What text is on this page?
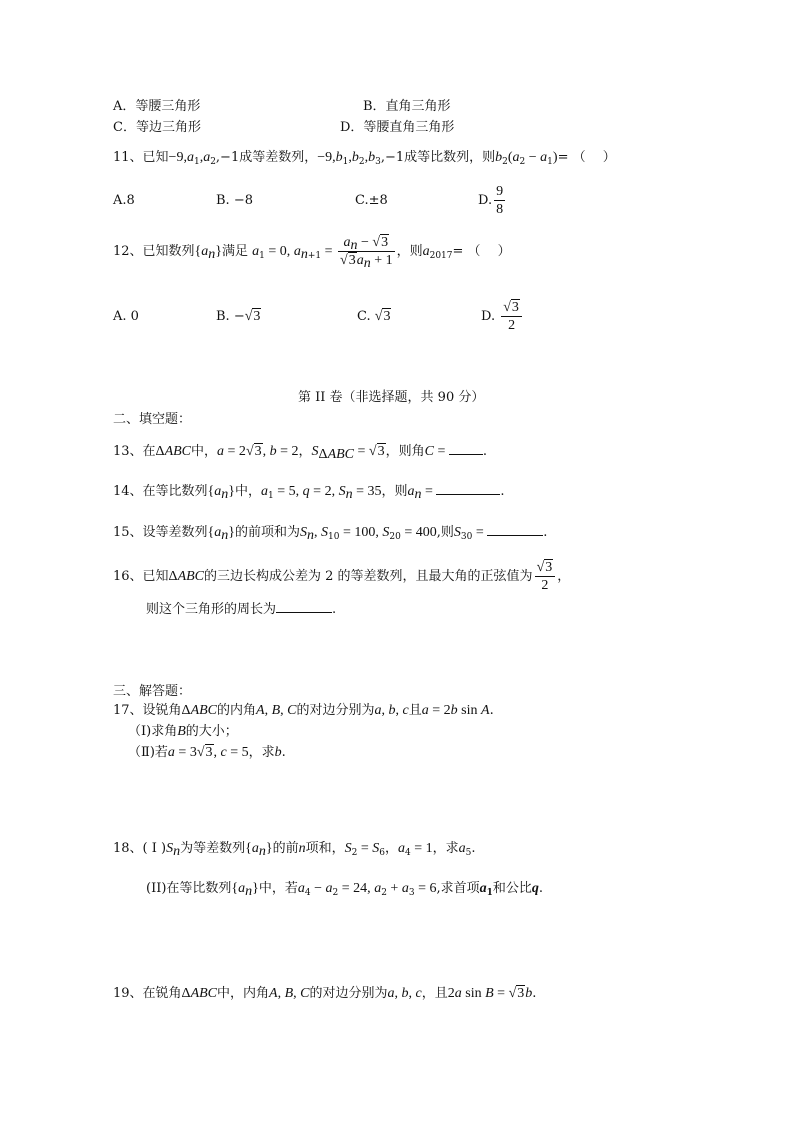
A．等腰三角形	B．直角三角形
C．等边三角形	D．等腰直角三角形
11、已知$-9,a_1,a_2,-1$成等差数列，$-9,b_1,b_2,b_3,-1$成等比数列，则$b_2(a_2 - a_1)=$ （　 ）
A.8	B. −8	C.±8	D. $\frac{9}{8}$
12、已知数列$\{a_n\}$满足 $a_1 = 0$, $a_{n+1} = \frac{a_n - √3}{√3a_n + 1}$ ，则$a_{2017}=$ （　 ）
A. 0	B. −√3	C. √3	D. $\frac{√3}{2}$
第 II 卷（非选择题，共 90 分）
二、填空题：
13、在ΔABC中，a = 2√3, b = 2，$S_{\Delta ABC} = √3$，则角C =	.
14、在等比数列$\{a_n\}$中，$a_1 = 5$, q = 2, $S_n = 35$，则$a_n$ =	.
15、设等差数列$\{a_n\}$的前项和为$S_n$, $S_{10} = 100$, $S_{20} = 400$,则$S_{30}$ =	.
16、已知ΔABC的三边长构成公差为 2 的等差数列，且最大角的正弦值为 $\frac{√3}{2}$ ，
则这个三角形的周长为	.
三、解答题：
17、设锐角ΔABC的内角A, B, C的对边分别为a, b, c且a = 2b sin A.
（Ⅰ)求角B的大小；
（Ⅱ)若a = 3√3, c = 5，求b.
18、( I )$S_n$为等差数列$\{a_n\}$的前n项和，$S_2 = S_6$，$a_4 = 1$，求$a_5$.
(II)在等比数列$\{a_n\}$中，若$a_4 - a_2 = 24$, $a_2 + a_3 = 6$,求首项$a_1$和公比q.
19、在锐角ΔABC中，内角A, B, C的对边分别为a, b, c，且2a sin B = √3b.
